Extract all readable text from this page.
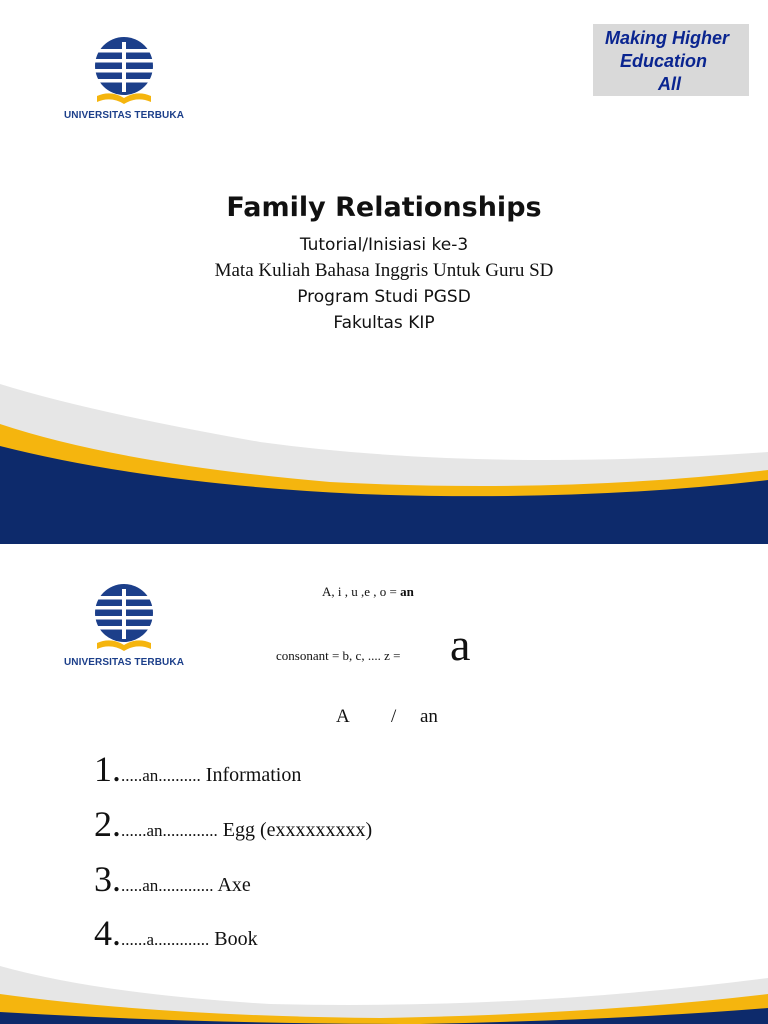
UNIVERSITAS TERBUKA
Making Higher
Education
All
Family Relationships
Tutorial/Inisiasi ke-3
Mata Kuliah Bahasa Inggris Untuk Guru SD
Program Studi PGSD
Fakultas KIP
UNIVERSITAS TERBUKA
A, i , u ,e , o = an
consonant = b, c, .... z = a
A / an
1......an.......... Information
2.......an............. Egg (exxxxxxxxx)
3......an............. Axe
4.......a............. Book
